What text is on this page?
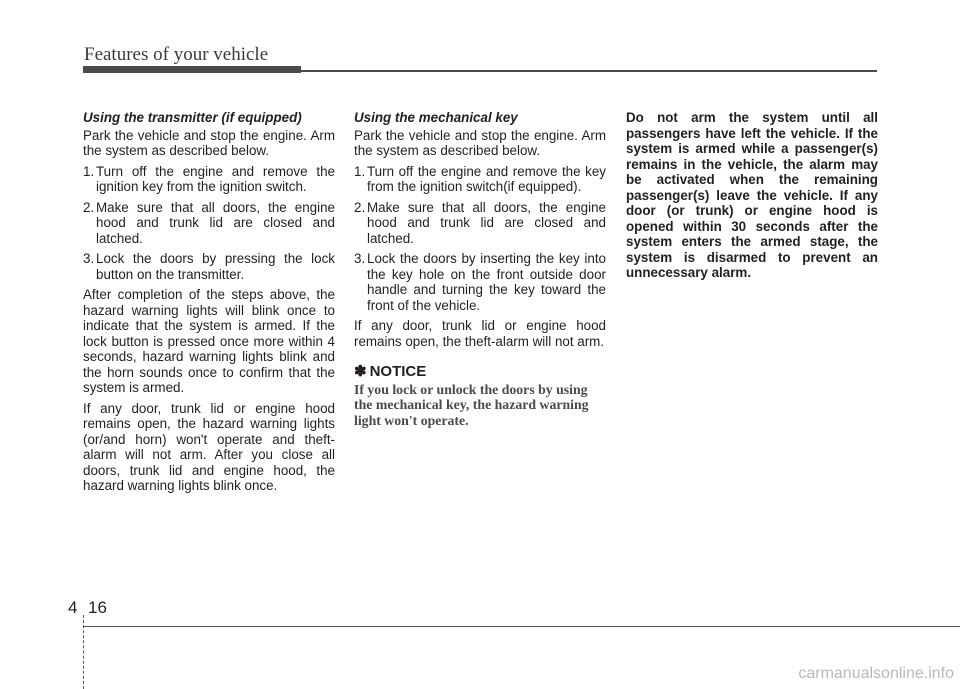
Features of your vehicle
Using the transmitter (if equipped)

Park the vehicle and stop the engine. Arm the system as described below.

1. Turn off the engine and remove the ignition key from the ignition switch.
2. Make sure that all doors, the engine hood and trunk lid are closed and latched.
3. Lock the doors by pressing the lock button on the transmitter.

After completion of the steps above, the hazard warning lights will blink once to indicate that the system is armed. If the lock button is pressed once more within 4 seconds, hazard warning lights blink and the horn sounds once to confirm that the system is armed.

If any door, trunk lid or engine hood remains open, the hazard warning lights (or/and horn) won't operate and theft-alarm will not arm. After you close all doors, trunk lid and engine hood, the hazard warning lights blink once.

Using the mechanical key

Park the vehicle and stop the engine. Arm the system as described below.

1. Turn off the engine and remove the key from the ignition switch(if equipped).
2. Make sure that all doors, the engine hood and trunk lid are closed and latched.
3. Lock the doors by inserting the key into the key hole on the front outside door handle and turning the key toward the front of the vehicle.

If any door, trunk lid or engine hood remains open, the theft-alarm will not arm.

✽ NOTICE
If you lock or unlock the doors by using the mechanical key, the hazard warning light won't operate.

Do not arm the system until all passengers have left the vehicle. If the system is armed while a passenger(s) remains in the vehicle, the alarm may be activated when the remaining passenger(s) leave the vehicle. If any door (or trunk) or engine hood is opened within 30 seconds after the system enters the armed stage, the system is disarmed to prevent an unnecessary alarm.

4 16
carmanualsonline.info
